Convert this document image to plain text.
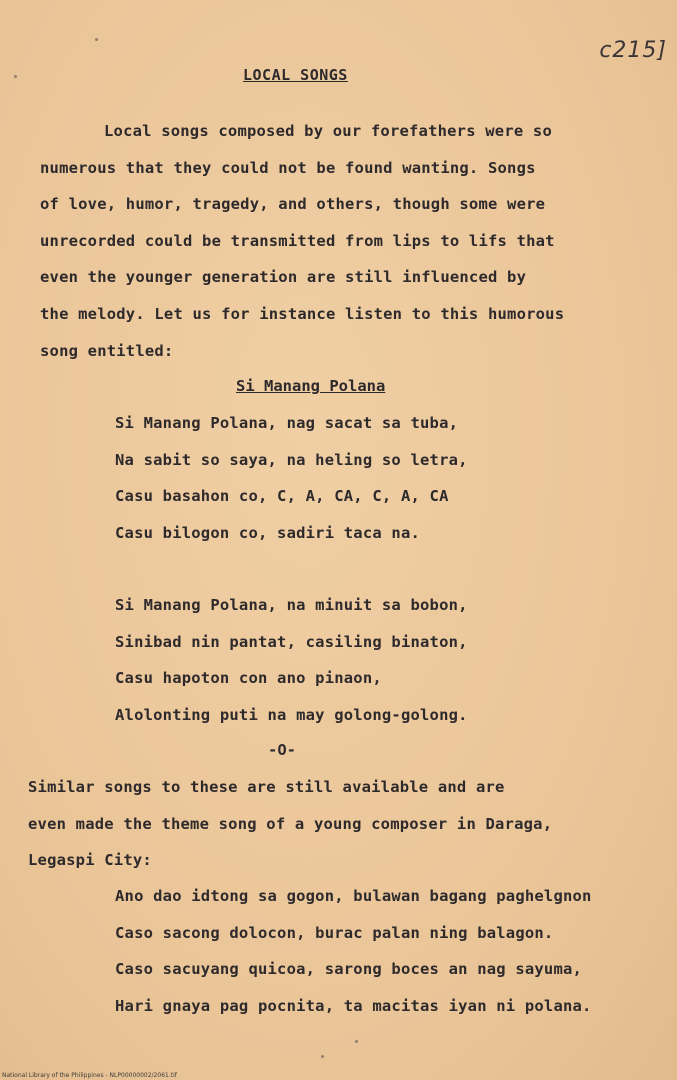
c215]
LOCAL SONGS
Local songs composed by our forefathers were so
numerous that they could not be found wanting. Songs
of love, humor, tragedy, and others, though some were
unrecorded could be transmitted from lips to lifs that
even the younger generation are still influenced by
the melody. Let us for instance listen to this humorous
song entitled:
Si Manang Polana
Si Manang Polana, nag sacat sa tuba,
Na sabit so saya, na heling so letra,
Casu basahon co, C, A, CA, C, A, CA
Casu bilogon co, sadiri taca na.
Si Manang Polana, na minuit sa bobon,
Sinibad nin pantat, casiling binaton,
Casu hapoton con ano pinaon,
Alolonting puti na may golong-golong.
-O-
Similar songs to these are still available and are
even made the theme song of a young composer in Daraga,
Legaspi City:
Ano dao idtong sa gogon, bulawan bagang paghelgnon
Caso sacong dolocon, burac palan ning balagon.
Caso sacuyang quicoa, sarong boces an nag sayuma,
Hari gnaya pag pocnita, ta macitas iyan ni polana.
National Library of the Philippines - NLP00000002/2061.tif
